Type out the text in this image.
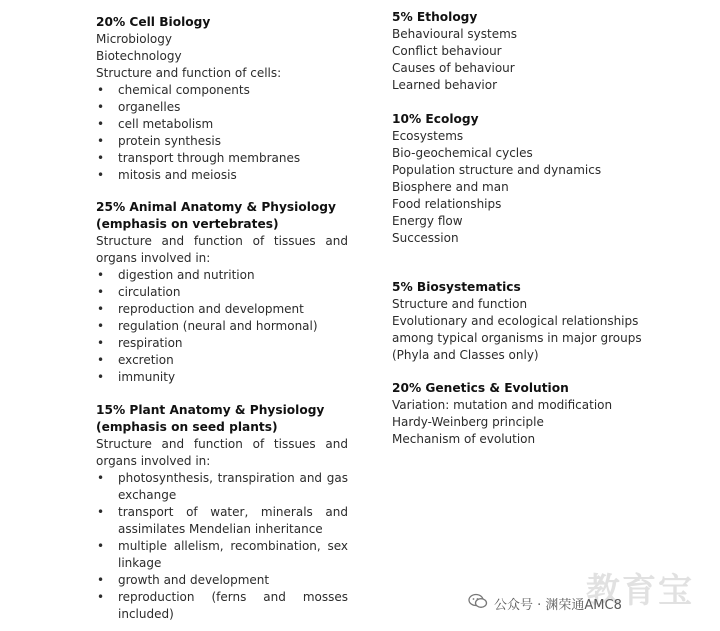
20% Cell Biology

Microbiology

Biotechnology

Structure and function of cells:

• chemical components
• organelles
• cell metabolism
• protein synthesis
• transport through membranes
• mitosis and meiosis

25% Animal Anatomy & Physiology

(emphasis on vertebrates)

Structure and function of tissues and organs involved in:

• digestion and nutrition
• circulation
• reproduction and development
• regulation (neural and hormonal)
• respiration
• excretion
• immunity

15% Plant Anatomy & Physiology

(emphasis on seed plants)

Structure and function of tissues and organs involved in:

• photosynthesis, transpiration and gas exchange
• transport of water, minerals and assimilates Mendelian inheritance
• multiple allelism, recombination, sex linkage
• growth and development
• reproduction (ferns and mosses included)

5% Ethology

Behavioural systems

Conflict behaviour

Causes of behaviour

Learned behavior

10% Ecology

Ecosystems

Bio-geochemical cycles

Population structure and dynamics

Biosphere and man

Food relationships

Energy flow

Succession

5% Biosystematics

Structure and function

Evolutionary and ecological relationships

among typical organisms in major groups

(Phyla and Classes only)

20% Genetics & Evolution

Variation: mutation and modification

Hardy-Weinberg principle

Mechanism of evolution

教育宝
公众号 · 渊荣通AMC8
